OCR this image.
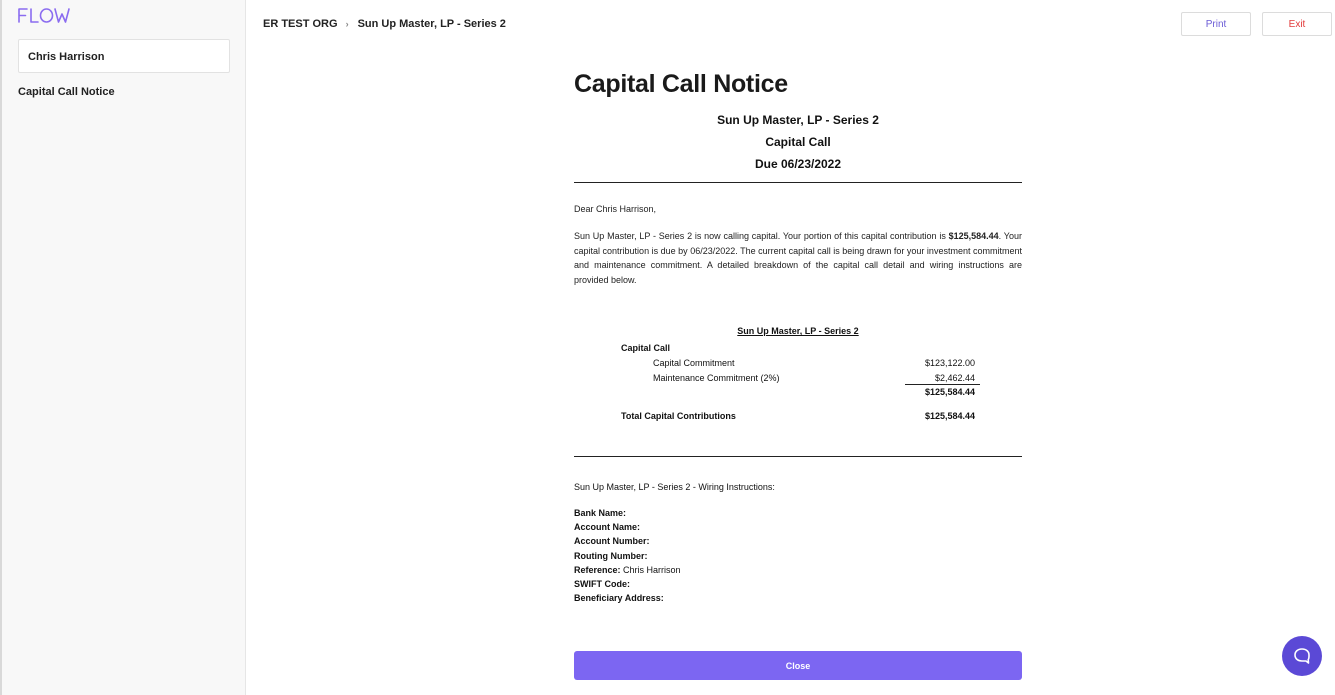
Chris Harrison
Capital Call Notice
ER TEST ORG › Sun Up Master, LP - Series 2	Print	Exit
Capital Call Notice
Sun Up Master, LP - Series 2
Capital Call
Due 06/23/2022
Dear Chris Harrison,
Sun Up Master, LP - Series 2 is now calling capital. Your portion of this capital contribution is $125,584.44. Your capital contribution is due by 06/23/2022. The current capital call is being drawn for your investment commitment and maintenance commitment. A detailed breakdown of the capital call detail and wiring instructions are provided below.
Sun Up Master, LP - Series 2
Capital Call
Capital Commitment	$123,122.00
Maintenance Commitment (2%)	$2,462.44
$125,584.44
Total Capital Contributions	$125,584.44
Sun Up Master, LP - Series 2 - Wiring Instructions:
Bank Name:
Account Name:
Account Number:
Routing Number:
Reference: Chris Harrison
SWIFT Code:
Beneficiary Address:
Close
